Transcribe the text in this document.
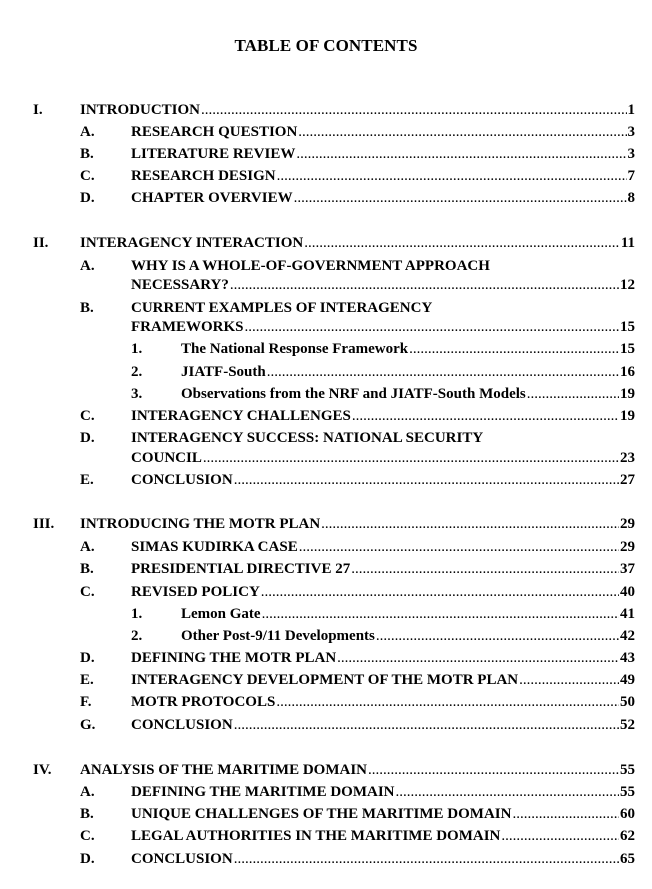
TABLE OF CONTENTS
I. INTRODUCTION .....	1
A. RESEARCH QUESTION .....	3
B. LITERATURE REVIEW .....	3
C. RESEARCH DESIGN .....	7
D. CHAPTER OVERVIEW .....	8
II. INTERAGENCY INTERACTION .....	11
A. WHY IS A WHOLE-OF-GOVERNMENT APPROACH
NECESSARY? .....	12
B. CURRENT EXAMPLES OF INTERAGENCY
FRAMEWORKS .....	15
1.	The National Response Framework .....	15
2.	JIATF-South .....	16
3.	Observations from the NRF and JIATF-South Models .....	19
C. INTERAGENCY CHALLENGES .....	19
D. INTERAGENCY SUCCESS: NATIONAL SECURITY
COUNCIL .....	23
E. CONCLUSION .....	27
III. INTRODUCING THE MOTR PLAN .....	29
A. SIMAS KUDIRKA CASE .....	29
B. PRESIDENTIAL DIRECTIVE 27 .....	37
C. REVISED POLICY .....	40
1.	Lemon Gate .....	41
2.	Other Post-9/11 Developments .....	42
D. DEFINING THE MOTR PLAN .....	43
E. INTERAGENCY DEVELOPMENT OF THE MOTR PLAN .....	49
F.	MOTR PROTOCOLS .....	50
G. CONCLUSION .....	52
IV. ANALYSIS OF THE MARITIME DOMAIN .....	55
A. DEFINING THE MARITIME DOMAIN .....	55
B. UNIQUE CHALLENGES OF THE MARITIME DOMAIN .....	60
C. LEGAL AUTHORITIES IN THE MARITIME DOMAIN .....	62
D. CONCLUSION .....	65
